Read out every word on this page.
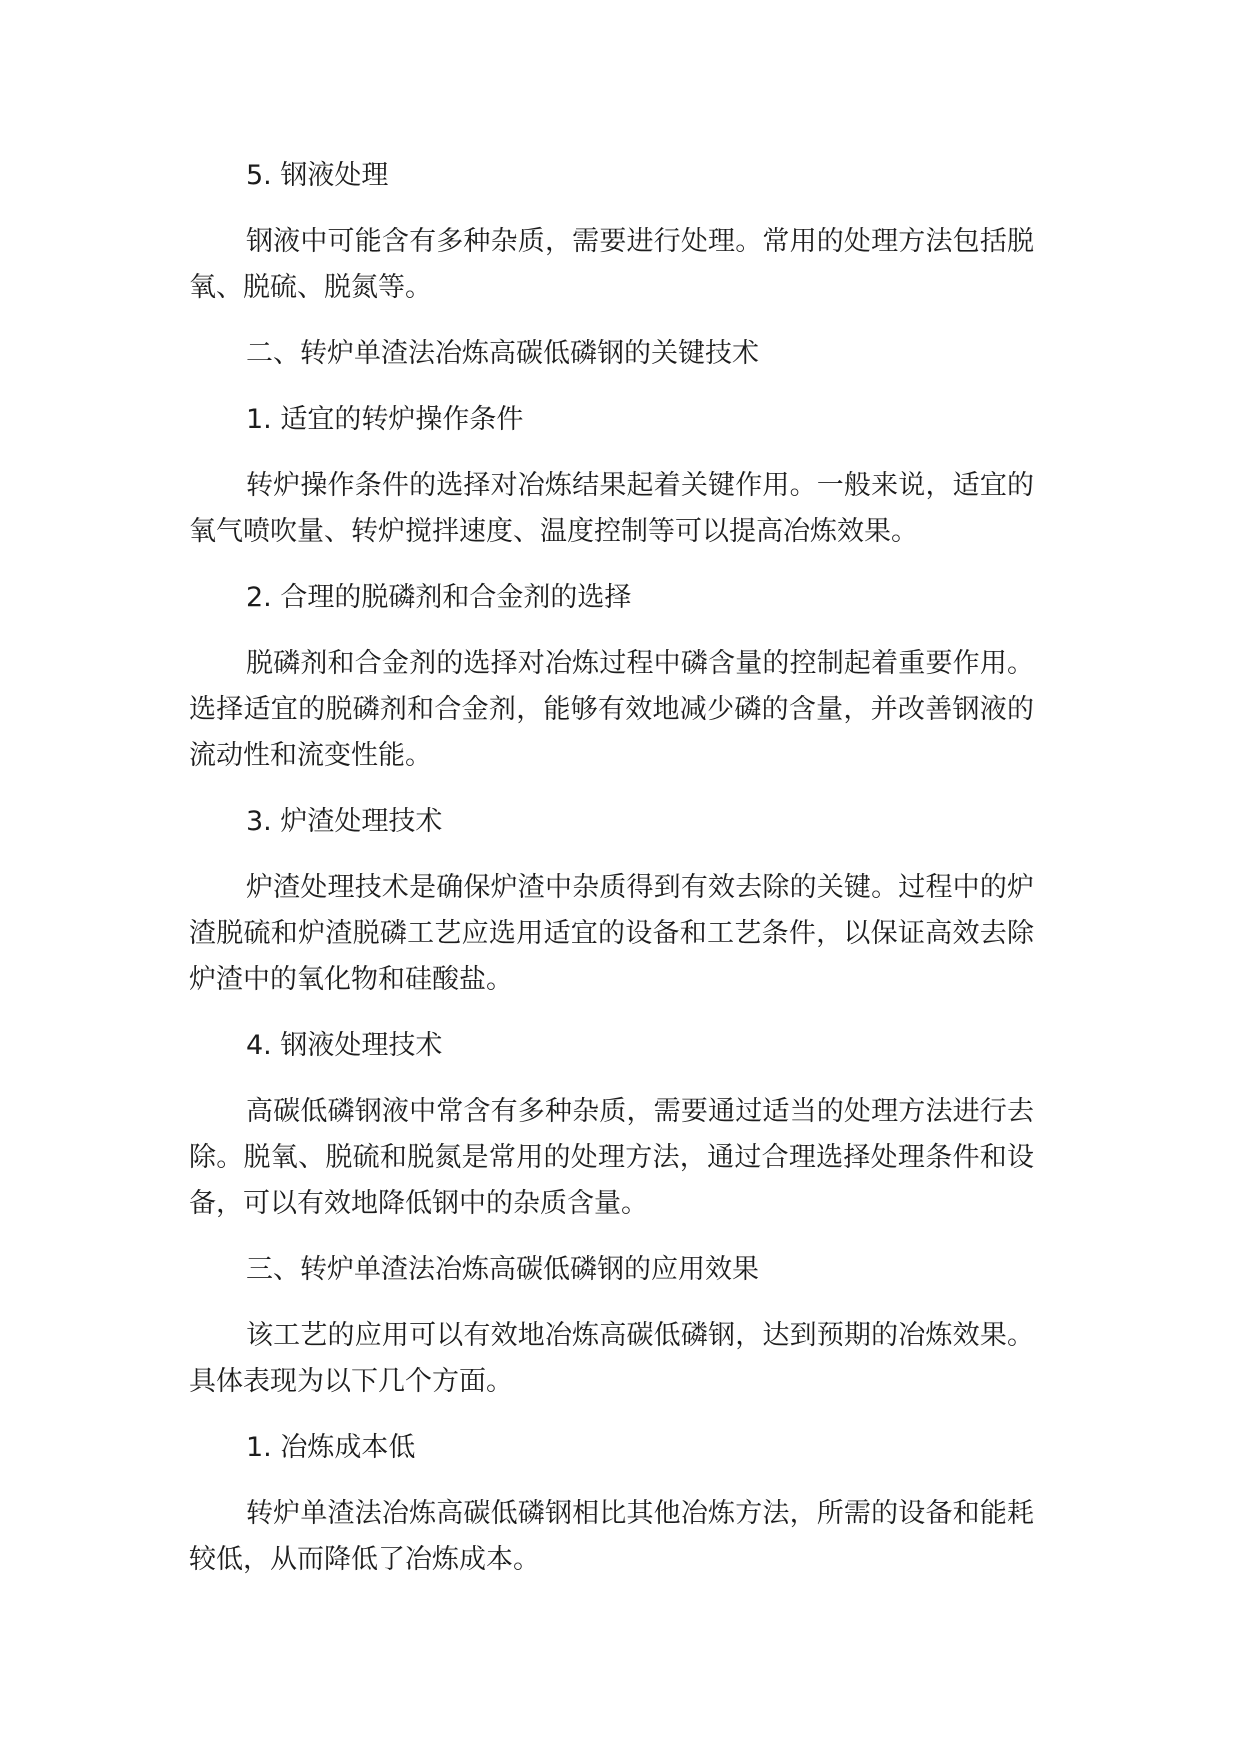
5. 钢液处理
钢液中可能含有多种杂质，需要进行处理。常用的处理方法包括脱
氧、脱硫、脱氮等。
二、转炉单渣法冶炼高碳低磷钢的关键技术
1. 适宜的转炉操作条件
转炉操作条件的选择对冶炼结果起着关键作用。一般来说，适宜的
氧气喷吹量、转炉搅拌速度、温度控制等可以提高冶炼效果。
2. 合理的脱磷剂和合金剂的选择
脱磷剂和合金剂的选择对冶炼过程中磷含量的控制起着重要作用。
选择适宜的脱磷剂和合金剂，能够有效地减少磷的含量，并改善钢液的
流动性和流变性能。
3. 炉渣处理技术
炉渣处理技术是确保炉渣中杂质得到有效去除的关键。过程中的炉
渣脱硫和炉渣脱磷工艺应选用适宜的设备和工艺条件，以保证高效去除
炉渣中的氧化物和硅酸盐。
4. 钢液处理技术
高碳低磷钢液中常含有多种杂质，需要通过适当的处理方法进行去
除。脱氧、脱硫和脱氮是常用的处理方法，通过合理选择处理条件和设
备，可以有效地降低钢中的杂质含量。
三、转炉单渣法冶炼高碳低磷钢的应用效果
该工艺的应用可以有效地冶炼高碳低磷钢，达到预期的冶炼效果。
具体表现为以下几个方面。
1. 冶炼成本低
转炉单渣法冶炼高碳低磷钢相比其他冶炼方法，所需的设备和能耗
较低，从而降低了冶炼成本。
